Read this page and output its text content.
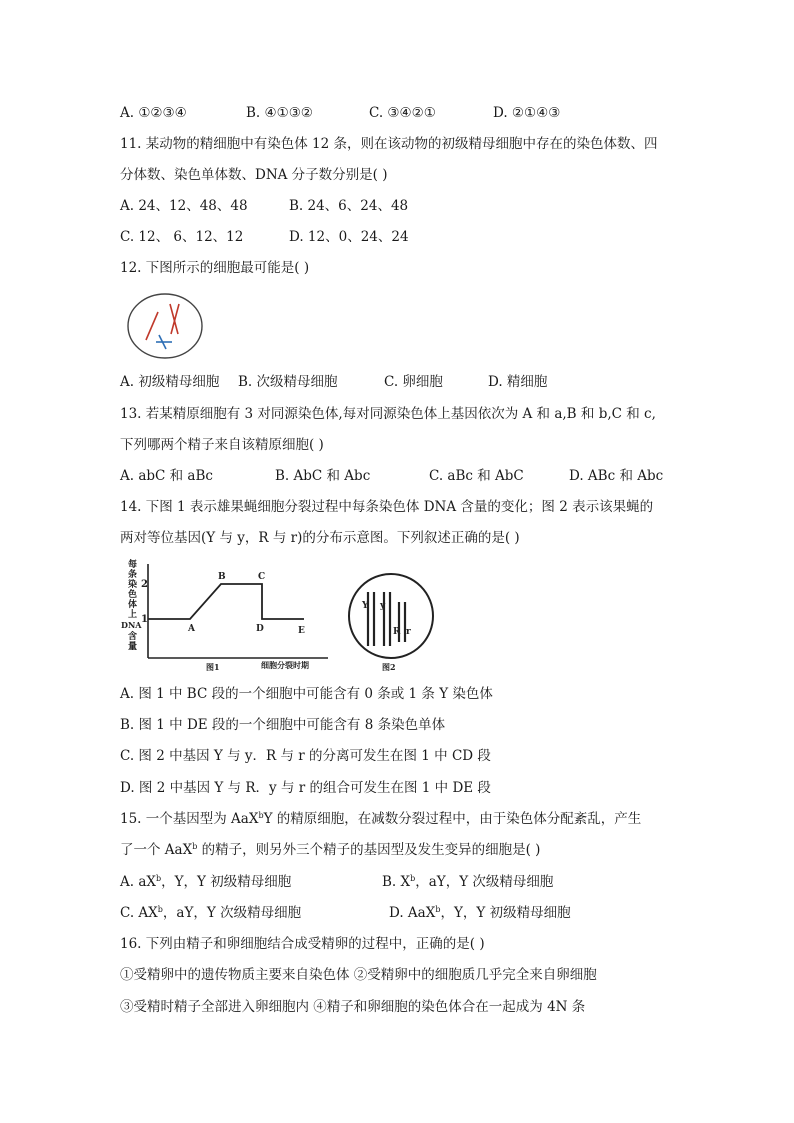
A. ①②③④	B. ④①③②	C. ③④②①	D. ②①④③
11. 某动物的精细胞中有染色体 12 条，则在该动物的初级精母细胞中存在的染色体数、四
分体数、染色单体数、DNA 分子数分别是( )
A. 24、12、48、48	B. 24、6、24、48
C. 12、 6、12、12	D. 12、0、24、24
12. 下图所示的细胞最可能是( )
A. 初级精母细胞 B. 次级精母细胞	C. 卵细胞	D. 精细胞
13. 若某精原细胞有 3 对同源染色体,每对同源染色体上基因依次为 A 和 a,B 和 b,C 和 c,
下列哪两个精子来自该精原细胞( )
A. abC 和 aBc	B. AbC 和 Abc	C. aBc 和 AbC	D. ABc 和 Abc
14. 下图 1 表示雄果蝇细胞分裂过程中每条染色体 DNA 含量的变化；图 2 表示该果蝇的
两对等位基因(Y 与 y，R 与 r)的分布示意图。下列叙述正确的是( )
每
条
染
色
体
上
DNA
含
量
2
1
A
B	C
D	E
图1	细胞分裂时期
Y y
R r
图2
A. 图 1 中 BC 段的一个细胞中可能含有 0 条或 1 条 Y 染色体
B. 图 1 中 DE 段的一个细胞中可能含有 8 条染色单体
C. 图 2 中基因 Y 与 y．R 与 r 的分离可发生在图 1 中 CD 段
D. 图 2 中基因 Y 与 R．y 与 r 的组合可发生在图 1 中 DE 段
15. 一个基因型为 AaX$^b$Y 的精原细胞，在减数分裂过程中，由于染色体分配紊乱，产生
了一个 AaX$^b$ 的精子，则另外三个精子的基因型及发生变异的细胞是( )
A. $aX^b$，Y，Y 初级精母细胞	B. $X^b$，aY，Y 次级精母细胞
C. $AX^b$，aY，Y 次级精母细胞	D. AaX$^b$，Y，Y 初级精母细胞
16. 下列由精子和卵细胞结合成受精卵的过程中，正确的是( )
①受精卵中的遗传物质主要来自染色体 ②受精卵中的细胞质几乎完全来自卵细胞
③受精时精子全部进入卵细胞内 ④精子和卵细胞的染色体合在一起成为 4N 条
